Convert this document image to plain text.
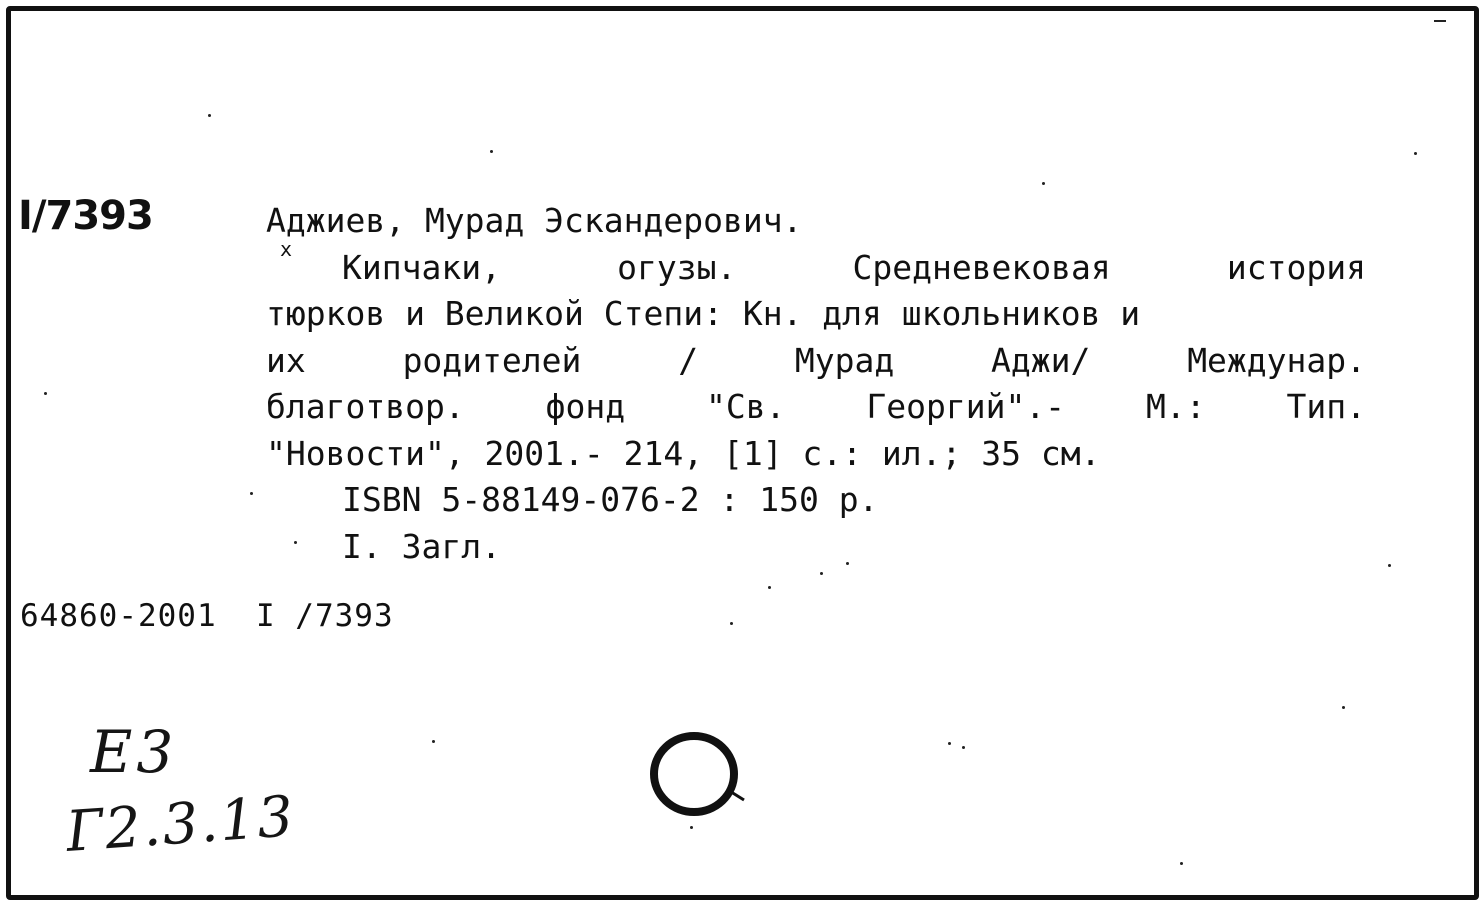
I/7393	Аджиев, Мурад Эскандерович.
x Кипчаки,	огузы.	Средневековая	история
тюрков и Великой Степи: Кн. для школьников и
их	родителей	/	Мурад	Аджи/	Междунар.
благотвор. фонд "Св. Георгий".- М.: Тип.
"Новости", 2001.- 214, [1] с.: ил.; 35 см.
ISBN 5-88149-076-2 : 150 р.
I. Загл.
64860-2001  I /7393
Е3
Г2.3.13
